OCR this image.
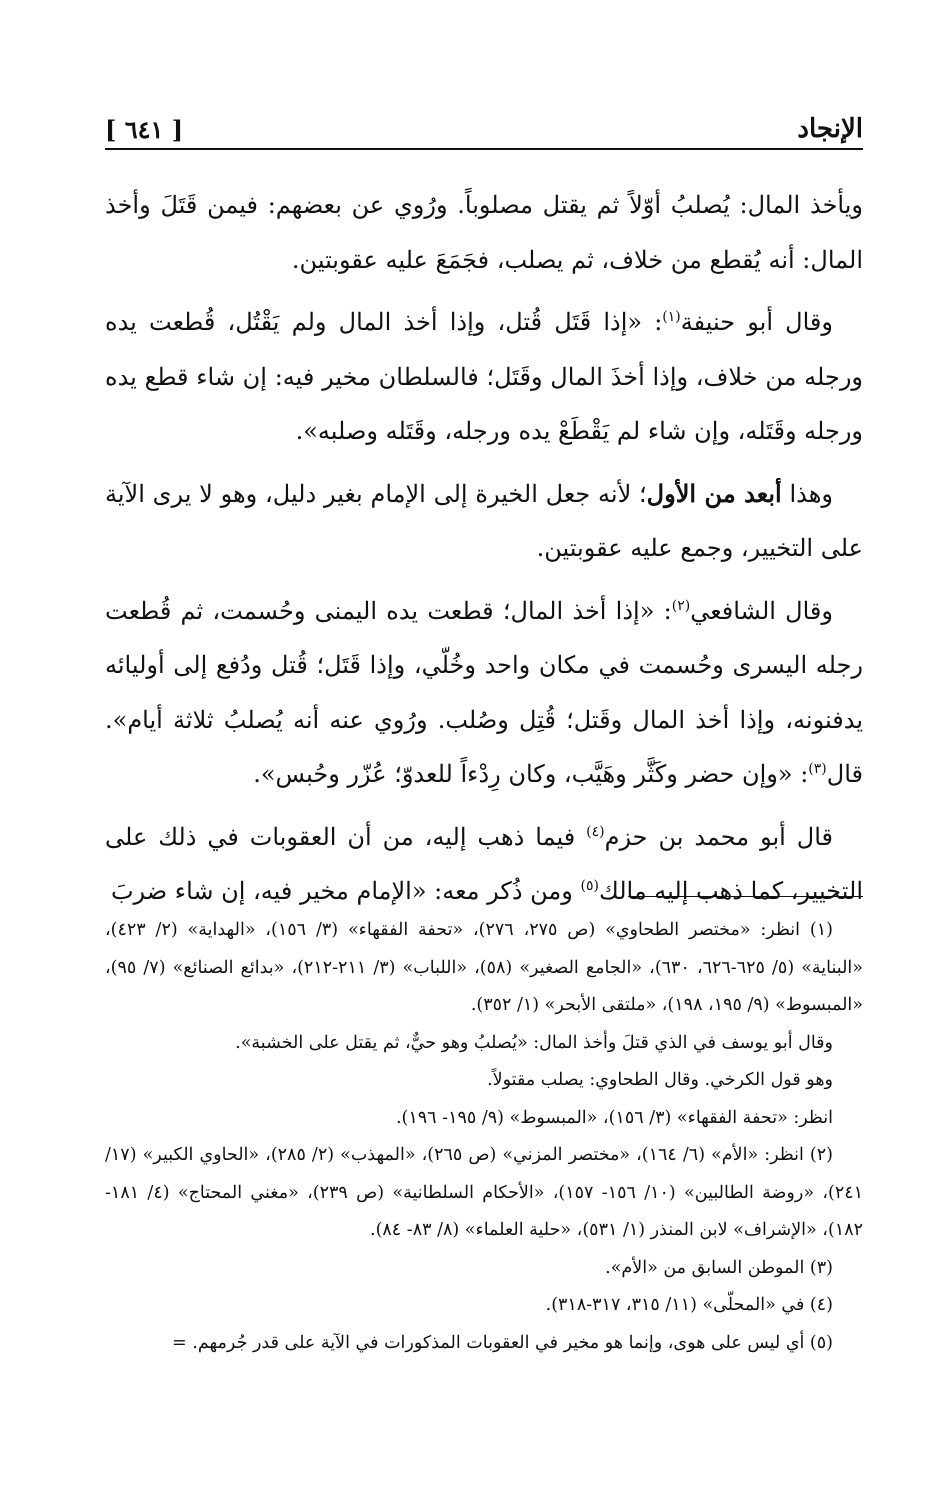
الإنجاد
[ ٦٤١ ]

ويأخذ المال: يُصلبُ أوّلاً ثم يقتل مصلوباً. ورُوي عن بعضهم: فيمن قَتَلَ وأخذ المال: أنه يُقطع من خلاف، ثم يصلب، فجَمَعَ عليه عقوبتين.

وقال أبو حنيفة$^{(١)}$: «إذا قَتَل قُتل، وإذا أخذ المال ولم يَقْتُل، قُطعت يده ورجله من خلاف، وإذا أخذَ المال وقَتَل؛ فالسلطان مخير فيه: إن شاء قطع يده ورجله وقَتَله، وإن شاء لم يَقْطَعْ يده ورجله، وقَتَله وصلبه».

وهذا أبعد من الأول؛ لأنه جعل الخيرة إلى الإمام بغير دليل، وهو لا يرى الآية على التخيير، وجمع عليه عقوبتين.

وقال الشافعي$^{(٢)}$: «إذا أخذ المال؛ قطعت يده اليمنى وحُسمت، ثم قُطعت رجله اليسرى وحُسمت في مكان واحد وخُلّي، وإذا قَتَل؛ قُتل ودُفع إلى أوليائه يدفنونه، وإذا أخذ المال وقَتل؛ قُتِل وصُلب. ورُوي عنه أنه يُصلبُ ثلاثة أيام». قال$^{(٣)}$: «وإن حضر وكَثَّر وهَيَّب، وكان رِدْءاً للعدوّ؛ عُزّر وحُبس».

قال أبو محمد بن حزم$^{(٤)}$ فيما ذهب إليه، من أن العقوبات في ذلك على التخيير، كما ذهب إليه مالك$^{(٥)}$ ومن ذُكر معه: «الإمام مخير فيه، إن شاء ضربَ

(١) انظر: «مختصر الطحاوي» (ص ٢٧٥، ٢٧٦)، «تحفة الفقهاء» (٣/ ١٥٦)، «الهداية» (٢/ ٤٢٣)، «البناية» (٥/ ٦٢٥-٦٢٦، ٦٣٠)، «الجامع الصغير» (٥٨)، «اللباب» (٣/ ٢١١-٢١٢)، «بدائع الصنائع» (٧/ ٩٥)، «المبسوط» (٩/ ١٩٥، ١٩٨)، «ملتقى الأبحر» (١/ ٣٥٢).

وقال أبو يوسف في الذي قتلَ وأخذ المال: «يُصلبُ وهو حيٌّ، ثم يقتل على الخشبة».

وهو قول الكرخي. وقال الطحاوي: يصلب مقتولاً.

انظر: «تحفة الفقهاء» (٣/ ١٥٦)، «المبسوط» (٩/ ١٩٥- ١٩٦).

(٢) انظر: «الأم» (٦/ ١٦٤)، «مختصر المزني» (ص ٢٦٥)، «المهذب» (٢/ ٢٨٥)، «الحاوي الكبير» (١٧/ ٢٤١)، «روضة الطالبين» (١٠/ ١٥٦- ١٥٧)، «الأحكام السلطانية» (ص ٢٣٩)، «مغني المحتاج» (٤/ ١٨١- ١٨٢)، «الإشراف» لابن المنذر (١/ ٥٣١)، «حلية العلماء» (٨/ ٨٣- ٨٤).

(٣) الموطن السابق من «الأم».

(٤) في «المحلّى» (١١/ ٣١٥، ٣١٧-٣١٨).

(٥) أي ليس على هوى، وإنما هو مخير في العقوبات المذكورات في الآية على قدر جُرمهم. =
